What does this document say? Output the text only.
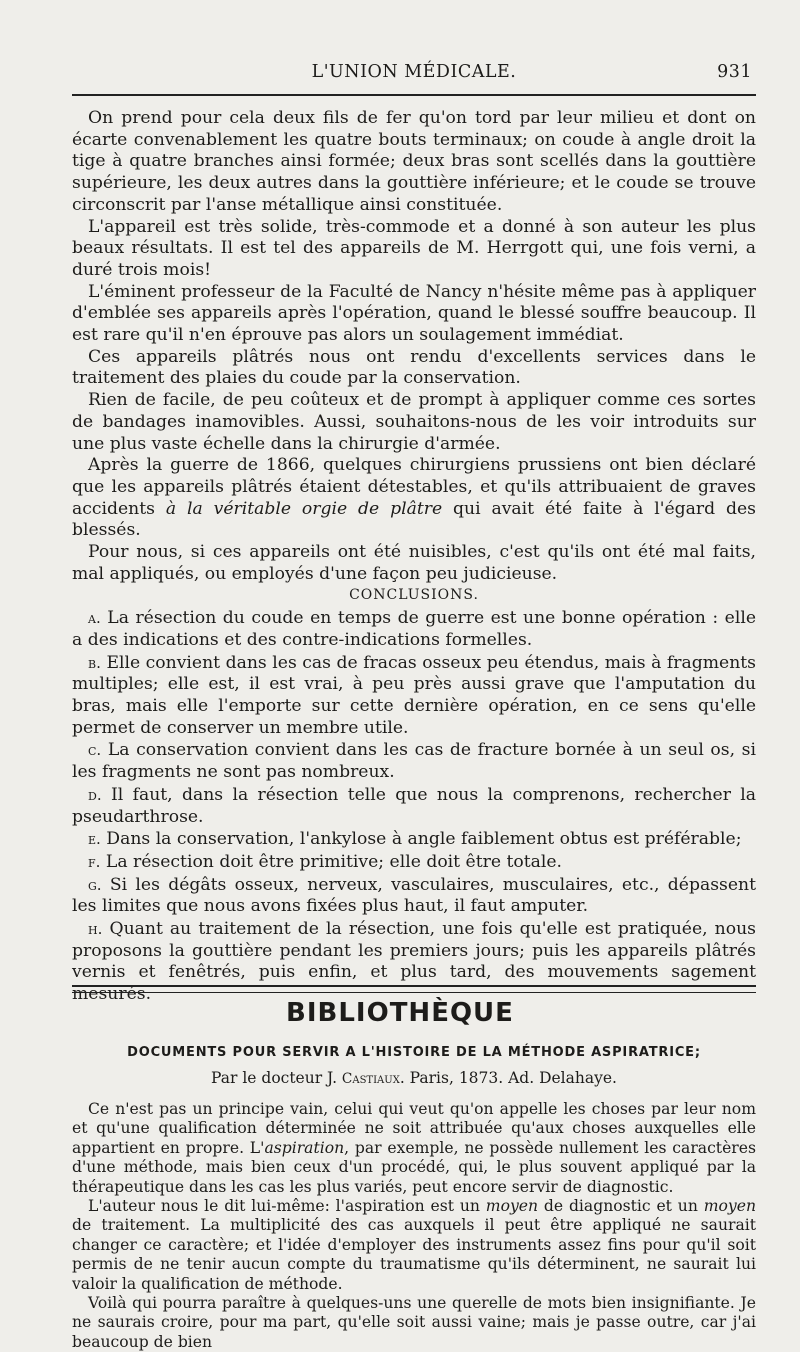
L'UNION MÉDICALE.	931

On prend pour cela deux fils de fer qu'on tord par leur milieu et dont on écarte convenablement les quatre bouts terminaux; on coude à angle droit la tige à quatre branches ainsi formée; deux bras sont scellés dans la gouttière supérieure, les deux autres dans la gouttière inférieure; et le coude se trouve circonscrit par l'anse métallique ainsi constituée.

L'appareil est très solide, très-commode et a donné à son auteur les plus beaux résultats. Il est tel des appareils de M. Herrgott qui, une fois verni, a duré trois mois!

L'éminent professeur de la Faculté de Nancy n'hésite même pas à appliquer d'emblée ses appareils après l'opération, quand le blessé souffre beaucoup. Il est rare qu'il n'en éprouve pas alors un soulagement immédiat.

Ces appareils plâtrés nous ont rendu d'excellents services dans le traitement des plaies du coude par la conservation.

Rien de facile, de peu coûteux et de prompt à appliquer comme ces sortes de bandages inamovibles. Aussi, souhaitons-nous de les voir introduits sur une plus vaste échelle dans la chirurgie d'armée.

Après la guerre de 1866, quelques chirurgiens prussiens ont bien déclaré que les appareils plâtrés étaient détestables, et qu'ils attribuaient de graves accidents à la véritable orgie de plâtre qui avait été faite à l'égard des blessés.

Pour nous, si ces appareils ont été nuisibles, c'est qu'ils ont été mal faits, mal appliqués, ou employés d'une façon peu judicieuse.

CONCLUSIONS.

a. La résection du coude en temps de guerre est une bonne opération : elle a des indications et des contre-indications formelles.

b. Elle convient dans les cas de fracas osseux peu étendus, mais à fragments multiples; elle est, il est vrai, à peu près aussi grave que l'amputation du bras, mais elle l'emporte sur cette dernière opération, en ce sens qu'elle permet de conserver un membre utile.

c. La conservation convient dans les cas de fracture bornée à un seul os, si les fragments ne sont pas nombreux.

d. Il faut, dans la résection telle que nous la comprenons, rechercher la pseudarthrose.

e. Dans la conservation, l'ankylose à angle faiblement obtus est préférable;

f. La résection doit être primitive; elle doit être totale.

g. Si les dégâts osseux, nerveux, vasculaires, musculaires, etc., dépassent les limites que nous avons fixées plus haut, il faut amputer.

h. Quant au traitement de la résection, une fois qu'elle est pratiquée, nous proposons la gouttière pendant les premiers jours; puis les appareils plâtrés vernis et fenêtrés, puis enfin, et plus tard, des mouvements sagement mesurés.

BIBLIOTHÈQUE
DOCUMENTS POUR SERVIR A L'HISTOIRE DE LA MÉTHODE ASPIRATRICE;
Par le docteur J. Castiaux. Paris, 1873. Ad. Delahaye.

Ce n'est pas un principe vain, celui qui veut qu'on appelle les choses par leur nom et qu'une qualification déterminée ne soit attribuée qu'aux choses auxquelles elle appartient en propre. L'aspiration, par exemple, ne possède nullement les caractères d'une méthode, mais bien ceux d'un procédé, qui, le plus souvent appliqué par la thérapeutique dans les cas les plus variés, peut encore servir de diagnostic.

L'auteur nous le dit lui-même: l'aspiration est un moyen de diagnostic et un moyen de traitement. La multiplicité des cas auxquels il peut être appliqué ne saurait changer ce caractère; et l'idée d'employer des instruments assez fins pour qu'il soit permis de ne tenir aucun compte du traumatisme qu'ils déterminent, ne saurait lui valoir la qualification de méthode.

Voilà qui pourra paraître à quelques-uns une querelle de mots bien insignifiante. Je ne saurais croire, pour ma part, qu'elle soit aussi vaine; mais je passe outre, car j'ai beaucoup de bien
